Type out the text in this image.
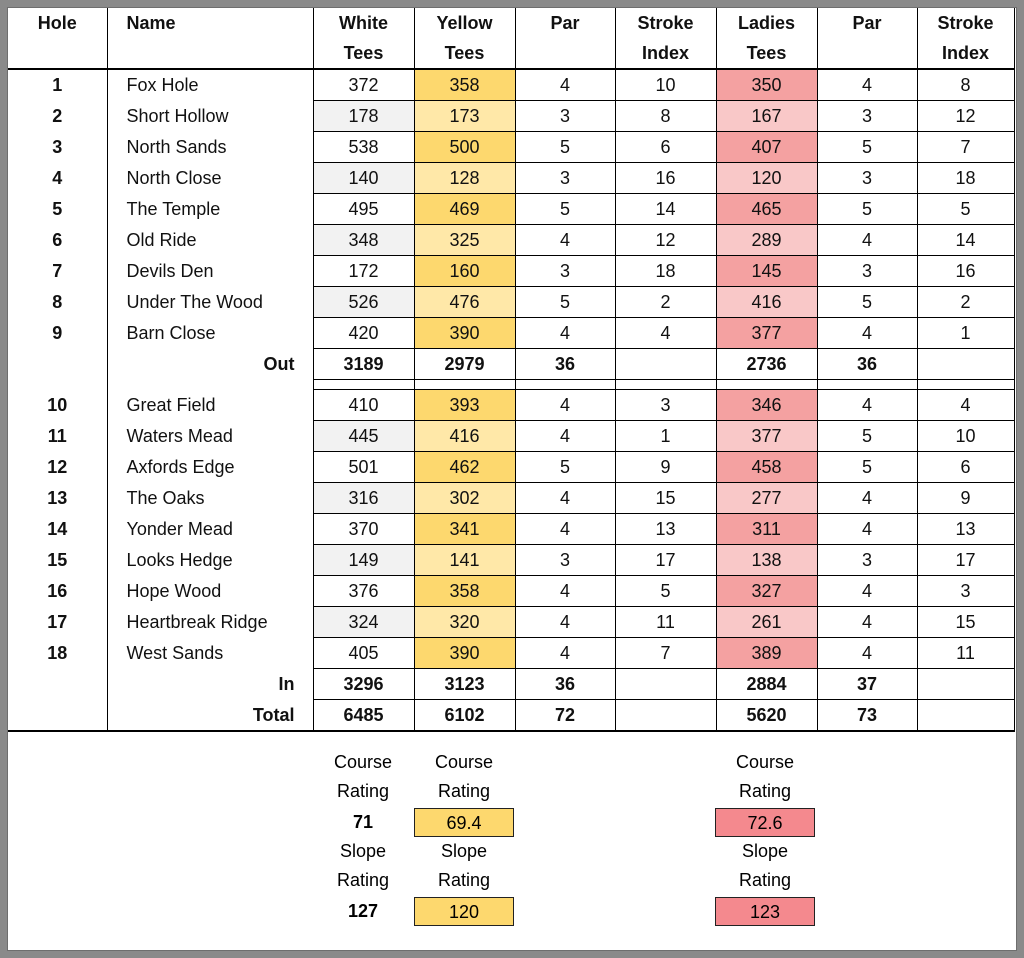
Hole	Name	White	Yellow	Par	Stroke	Ladies	Par	Stroke
		Tees	Tees		Index	Tees		Index
1	Fox Hole	372	358	4	10	350	4	8
2	Short Hollow	178	173	3	8	167	3	12
3	North Sands	538	500	5	6	407	5	7
4	North Close	140	128	3	16	120	3	18
5	The Temple	495	469	5	14	465	5	5
6	Old Ride	348	325	4	12	289	4	14
7	Devils Den	172	160	3	18	145	3	16
8	Under The Wood	526	476	5	2	416	5	2
9	Barn Close	420	390	4	4	377	4	1
	Out	3189	2979	36		2736	36	

10	Great Field	410	393	4	3	346	4	4
11	Waters Mead	445	416	4	1	377	5	10
12	Axfords Edge	501	462	5	9	458	5	6
13	The Oaks	316	302	4	15	277	4	9
14	Yonder Mead	370	341	4	13	311	4	13
15	Looks Hedge	149	141	3	17	138	3	17
16	Hope Wood	376	358	4	5	327	4	3
17	Heartbreak Ridge	324	320	4	11	261	4	15
18	West Sands	405	390	4	7	389	4	11
	In	3296	3123	36		2884	37	
	Total	6485	6102	72		5620	73	
Course
Rating
71
Slope
Rating
127
Course
Rating
69.4
Slope
Rating
120
Course
Rating
72.6
Slope
Rating
123
